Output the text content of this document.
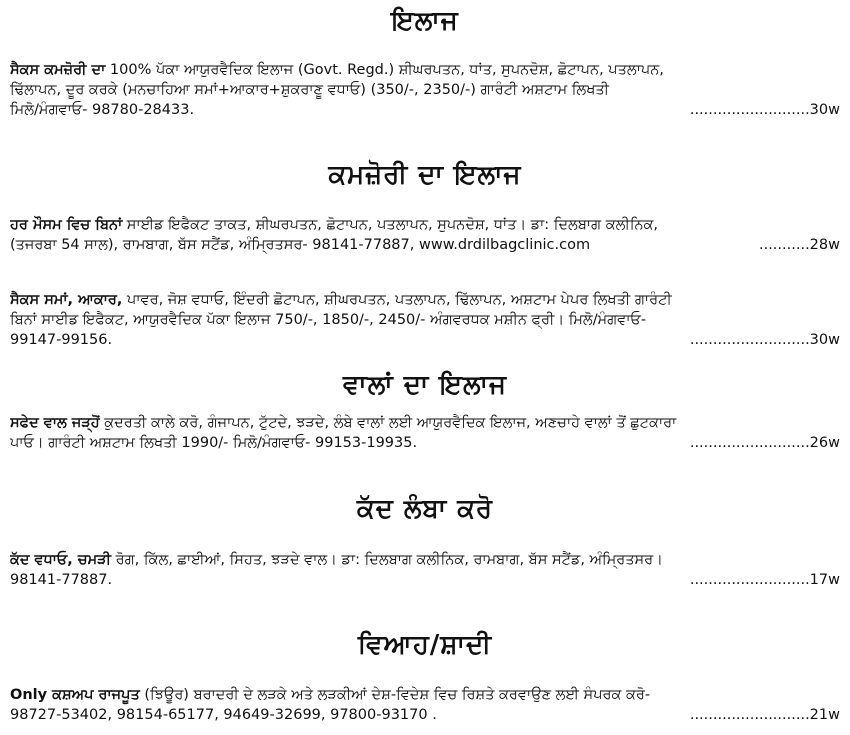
ਇਲਾਜ

ਸੈਕਸ ਕਮਜ਼ੋਰੀ ਦਾ 100% ਪੱਕਾ ਆਯੁਰਵੈਦਿਕ ਇਲਾਜ (Govt. Regd.) ਸ਼ੀਘਰਪਤਨ, ਧਾਂਤ, ਸੁਪਨਦੋਸ਼, ਛੋਟਾਪਨ, ਪਤਲਾਪਨ,

ਢਿੱਲਾਪਨ, ਦੂਰ ਕਰਕੇ (ਮਨਚਾਹਿਆ ਸਮਾਂ+ਆਕਾਰ+ਸ਼ੁਕਰਾਣੂ ਵਧਾਓ) (350/-, 2350/-) ਗਾਰੰਟੀ ਅਸ਼ਟਾਮ ਲਿਖਤੀ

ਮਿਲੋ/ਮੰਗਵਾਓ- 98780-28433.	..........................30w

ਕਮਜ਼ੋਰੀ ਦਾ ਇਲਾਜ

ਹਰ ਮੌਸਮ ਵਿਚ ਬਿਨਾਂ ਸਾਈਡ ਇਫੈਕਟ ਤਾਕਤ, ਸ਼ੀਘਰਪਤਨ, ਛੋਟਾਪਨ, ਪਤਲਾਪਨ, ਸੁਪਨਦੋਸ਼, ਧਾਂਤ। ਡਾ: ਦਿਲਬਾਗ ਕਲੀਨਿਕ,

(ਤਜਰਬਾ 54 ਸਾਲ), ਰਾਮਬਾਗ, ਬੱਸ ਸਟੈਂਡ, ਅੰਮ੍ਰਿਤਸਰ- 98141-77887, www.drdilbagclinic.com	...........28w

ਸੈਕਸ ਸਮਾਂ, ਆਕਾਰ, ਪਾਵਰ, ਜੋਸ਼ ਵਧਾਓ, ਇੰਦਰੀ ਛੋਟਾਪਨ, ਸ਼ੀਘਰਪਤਨ, ਪਤਲਾਪਨ, ਢਿੱਲਾਪਨ, ਅਸ਼ਟਾਮ ਪੇਪਰ ਲਿਖਤੀ ਗਾਰੰਟੀ

ਬਿਨਾਂ ਸਾਈਡ ਇਫੈਕਟ, ਆਯੁਰਵੈਦਿਕ ਪੱਕਾ ਇਲਾਜ 750/-, 1850/-, 2450/- ਅੰਗਵਰਧਕ ਮਸ਼ੀਨ ਫ੍ਰੀ। ਮਿਲੋ/ਮੰਗਵਾਓ-

99147-99156.	..........................30w

ਵਾਲਾਂ ਦਾ ਇਲਾਜ

ਸਫੇਦ ਵਾਲ ਜੜ੍ਹੋਂ ਕੁਦਰਤੀ ਕਾਲੇ ਕਰੋ, ਗੰਜਾਪਨ, ਟੁੱਟਦੇ, ਝੜਦੇ, ਲੰਬੇ ਵਾਲਾਂ ਲਈ ਆਯੁਰਵੈਦਿਕ ਇਲਾਜ, ਅਣਚਾਹੇ ਵਾਲਾਂ ਤੋਂ ਛੁਟਕਾਰਾ

ਪਾਓ। ਗਾਰੰਟੀ ਅਸ਼ਟਾਮ ਲਿਖਤੀ 1990/- ਮਿਲੋ/ਮੰਗਵਾਓ- 99153-19935.	..........................26w

ਕੱਦ ਲੰਬਾ ਕਰੋ

ਕੱਦ ਵਧਾਓ, ਚਮੜੀ ਰੋਗ, ਕਿੱਲ, ਛਾਈਆਂ, ਸਿਹਤ, ਝੜਦੇ ਵਾਲ। ਡਾ: ਦਿਲਬਾਗ ਕਲੀਨਿਕ, ਰਾਮਬਾਗ, ਬੱਸ ਸਟੈਂਡ, ਅੰਮ੍ਰਿਤਸਰ।

98141-77887.	..........................17w

ਵਿਆਹ/ਸ਼ਾਦੀ

Only ਕਸ਼ਅਪ ਰਾਜਪੂਤ (ਝਿਊਰ) ਬਰਾਦਰੀ ਦੇ ਲੜਕੇ ਅਤੇ ਲੜਕੀਆਂ ਦੇਸ਼-ਵਿਦੇਸ਼ ਵਿਚ ਰਿਸ਼ਤੇ ਕਰਵਾਉਣ ਲਈ ਸੰਪਰਕ ਕਰੋ-

98727-53402, 98154-65177, 94649-32699, 97800-93170 .	..........................21w
